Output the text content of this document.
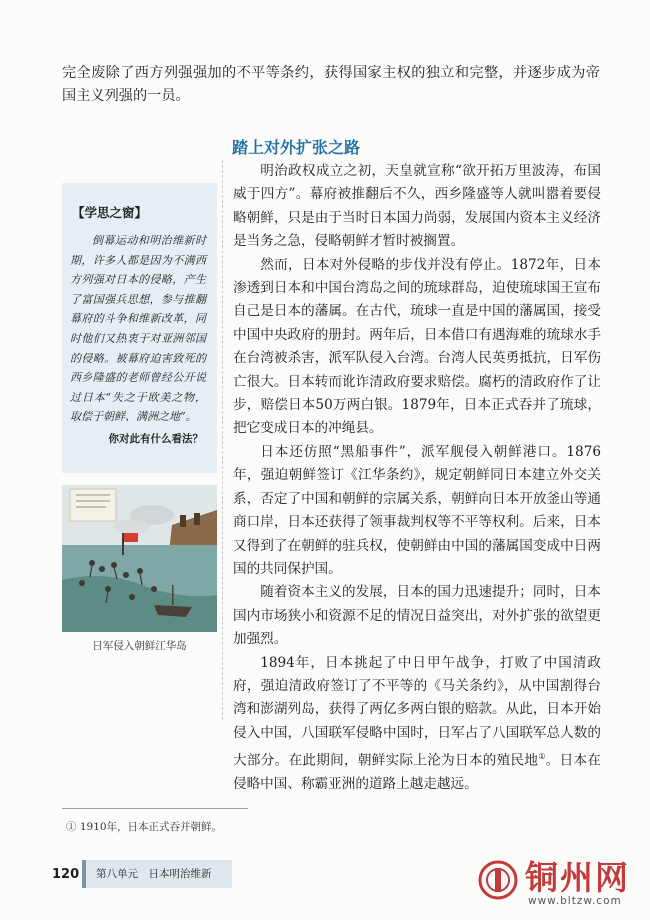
完全废除了西方列强强加的不平等条约，获得国家主权的独立和完整，并逐步成为帝国主义列强的一员。
踏上对外扩张之路

明治政权成立之初，天皇就宣称“欲开拓万里波涛，布国威于四方”。幕府被推翻后不久，西乡隆盛等人就叫嚣着要侵略朝鲜，只是由于当时日本国力尚弱，发展国内资本主义经济是当务之急，侵略朝鲜才暂时被搁置。

然而，日本对外侵略的步伐并没有停止。1872年，日本渗透到日本和中国台湾岛之间的琉球群岛，迫使琉球国王宣布自己是日本的藩属。在古代，琉球一直是中国的藩属国，接受中国中央政府的册封。两年后，日本借口有遇海难的琉球水手在台湾被杀害，派军队侵入台湾。台湾人民英勇抵抗，日军伤亡很大。日本转而讹诈清政府要求赔偿。腐朽的清政府作了让步，赔偿日本50万两白银。1879年，日本正式吞并了琉球，把它变成日本的冲绳县。

日本还仿照“黑船事件”，派军舰侵入朝鲜港口。1876年，强迫朝鲜签订《江华条约》，规定朝鲜同日本建立外交关系，否定了中国和朝鲜的宗属关系，朝鲜向日本开放釜山等通商口岸，日本还获得了领事裁判权等不平等权利。后来，日本又得到了在朝鲜的驻兵权，使朝鲜由中国的藩属国变成中日两国的共同保护国。

随着资本主义的发展，日本的国力迅速提升；同时，日本国内市场狭小和资源不足的情况日益突出，对外扩张的欲望更加强烈。

1894年，日本挑起了中日甲午战争，打败了中国清政府，强迫清政府签订了不平等的《马关条约》，从中国割得台湾和澎湖列岛，获得了两亿多两白银的赔款。从此，日本开始侵入中国，八国联军侵略中国时，日军占了八国联军总人数的大部分。在此期间，朝鲜实际上沦为日本的殖民地①。日本在侵略中国、称霸亚洲的道路上越走越远。

【学思之窗】
倒幕运动和明治维新时期，许多人都是因为不满西方列强对日本的侵略，产生了富国强兵思想，参与推翻幕府的斗争和维新改革，同时他们又热衷于对亚洲邻国的侵略。被幕府迫害致死的西乡隆盛的老师曾经公开说过日本“失之于欧美之物，取偿于朝鲜、满洲之地”。
你对此有什么看法？
日军侵入朝鲜江华岛
① 1910年，日本正式吞并朝鲜。
120	第八单元　日本明治维新	铜州网
www.bltzw.com
